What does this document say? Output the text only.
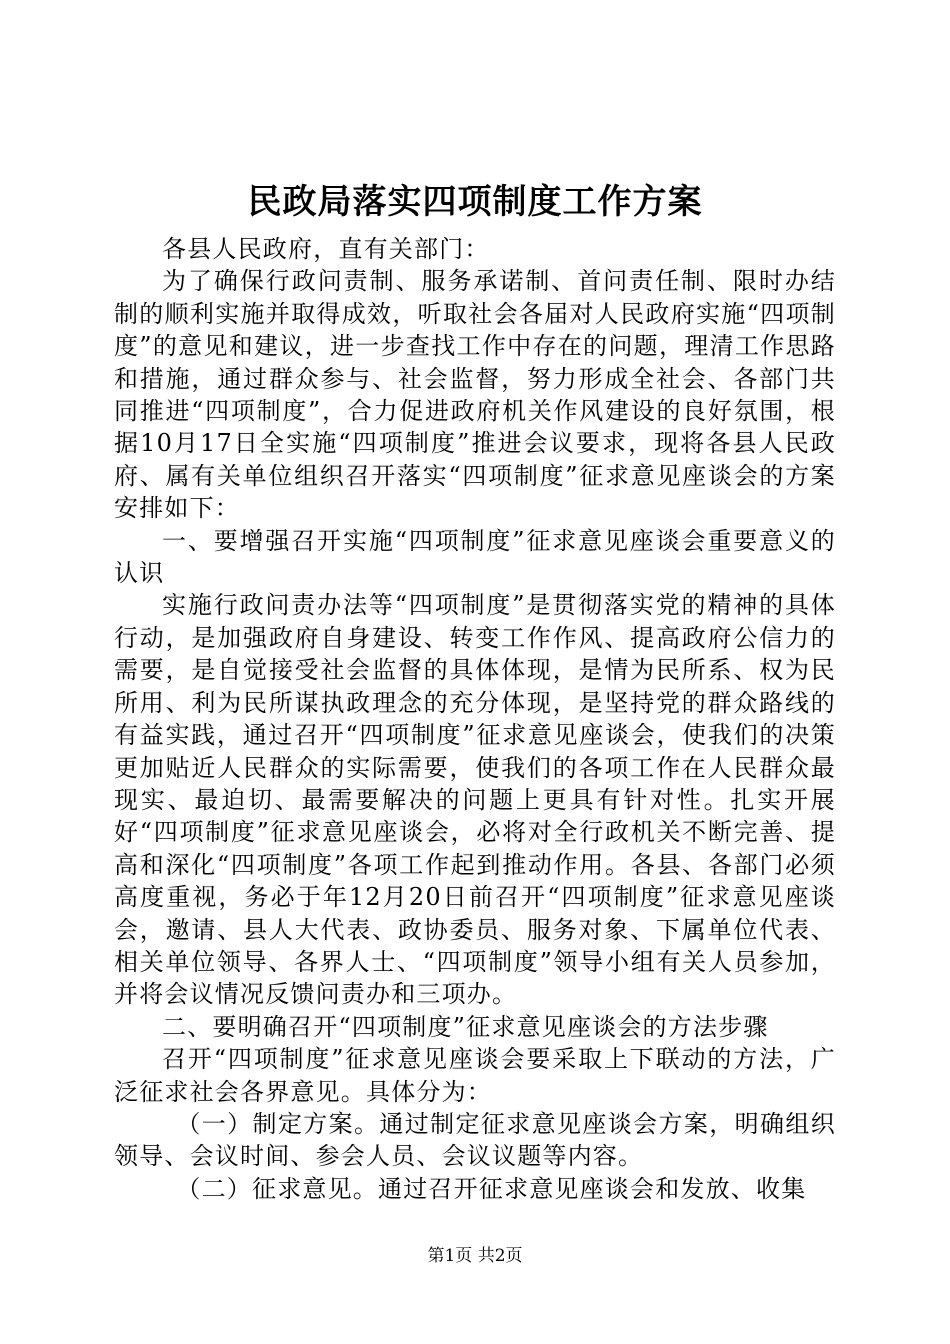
民政局落实四项制度工作方案

各县人民政府，直有关部门：

为了确保行政问责制、服务承诺制、首问责任制、限时办结制的顺利实施并取得成效，听取社会各届对人民政府实施“四项制度”的意见和建议，进一步查找工作中存在的问题，理清工作思路和措施，通过群众参与、社会监督，努力形成全社会、各部门共同推进“四项制度”，合力促进政府机关作风建设的良好氛围，根据10月17日全实施“四项制度”推进会议要求，现将各县人民政府、属有关单位组织召开落实“四项制度”征求意见座谈会的方案安排如下：

一、要增强召开实施“四项制度”征求意见座谈会重要意义的认识

实施行政问责办法等“四项制度”是贯彻落实党的精神的具体行动，是加强政府自身建设、转变工作作风、提高政府公信力的需要，是自觉接受社会监督的具体体现，是情为民所系、权为民所用、利为民所谋执政理念的充分体现，是坚持党的群众路线的有益实践，通过召开“四项制度”征求意见座谈会，使我们的决策更加贴近人民群众的实际需要，使我们的各项工作在人民群众最现实、最迫切、最需要解决的问题上更具有针对性。扎实开展好“四项制度”征求意见座谈会，必将对全行政机关不断完善、提高和深化“四项制度”各项工作起到推动作用。各县、各部门必须高度重视，务必于年12月20日前召开“四项制度”征求意见座谈会，邀请、县人大代表、政协委员、服务对象、下属单位代表、相关单位领导、各界人士、“四项制度”领导小组有关人员参加，并将会议情况反馈问责办和三项办。

二、要明确召开“四项制度”征求意见座谈会的方法步骤

召开“四项制度”征求意见座谈会要采取上下联动的方法，广泛征求社会各界意见。具体分为：

（一）制定方案。通过制定征求意见座谈会方案，明确组织领导、会议时间、参会人员、会议议题等内容。

（二）征求意见。通过召开征求意见座谈会和发放、收集

第1页 共2页
